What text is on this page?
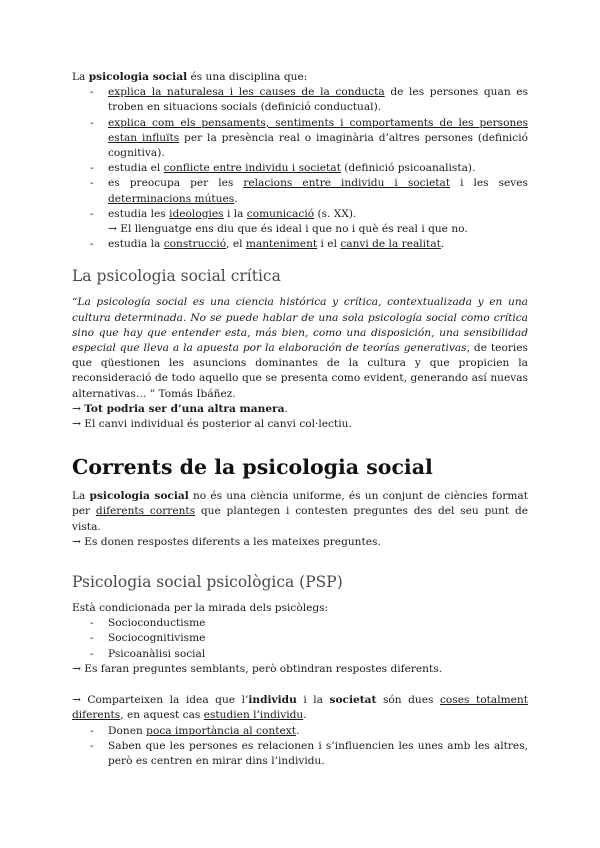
La psicologia social és una disciplina que:

- explica la naturalesa i les causes de la conducta de les persones quan es troben en situacions socials (definició conductual).
- explica com els pensaments, sentiments i comportaments de les persones estan influïts per la presència real o imaginària d’altres persones (definició cognitiva).
- estudia el conflicte entre individu i societat (definició psicoanalista).
- es preocupa per les relacions entre individu i societat i les seves determinacions mútues.
- estudia les ideologies i la comunicació (s. XX).
→ El llenguatge ens diu que és ideal i que no i què és real i que no.
- estudia la construcció, el manteniment i el canvi de la realitat.

La psicologia social crítica

“La psicología social es una ciencia histórica y crítica, contextualizada y en una cultura determinada. No se puede hablar de una sola psicología social como crítica sino que hay que entender esta, más bien, como una disposición, una sensibilidad especial que lleva a la apuesta por la elaboración de teorías generativas, de teories que qüestionen les asuncions dominantes de la cultura y que propicien la reconsideració de todo aquello que se presenta como evident, generando así nuevas alternativas… ” Tomás Ibáñez.

→ Tot podria ser d’una altra manera.

→ El canvi individual és posterior al canvi col·lectiu.

Corrents de la psicologia social

La psicologia social no és una ciència uniforme, és un conjunt de ciències format per diferents corrents que plantegen i contesten preguntes des del seu punt de vista.

→ Es donen respostes diferents a les mateixes preguntes.

Psicologia social psicològica (PSP)

Està condicionada per la mirada dels psicòlegs:

- Socioconductisme
- Sociocognitivisme
- Psicoanàlisi social

→ Es faran preguntes semblants, però obtindran respostes diferents.

→ Comparteixen la idea que l’individu i la societat són dues coses totalment diferents, en aquest cas estudien l’individu.

- Donen poca importància al context.
- Saben que les persones es relacionen i s’influencien les unes amb les altres, però es centren en mirar dins l’individu.
